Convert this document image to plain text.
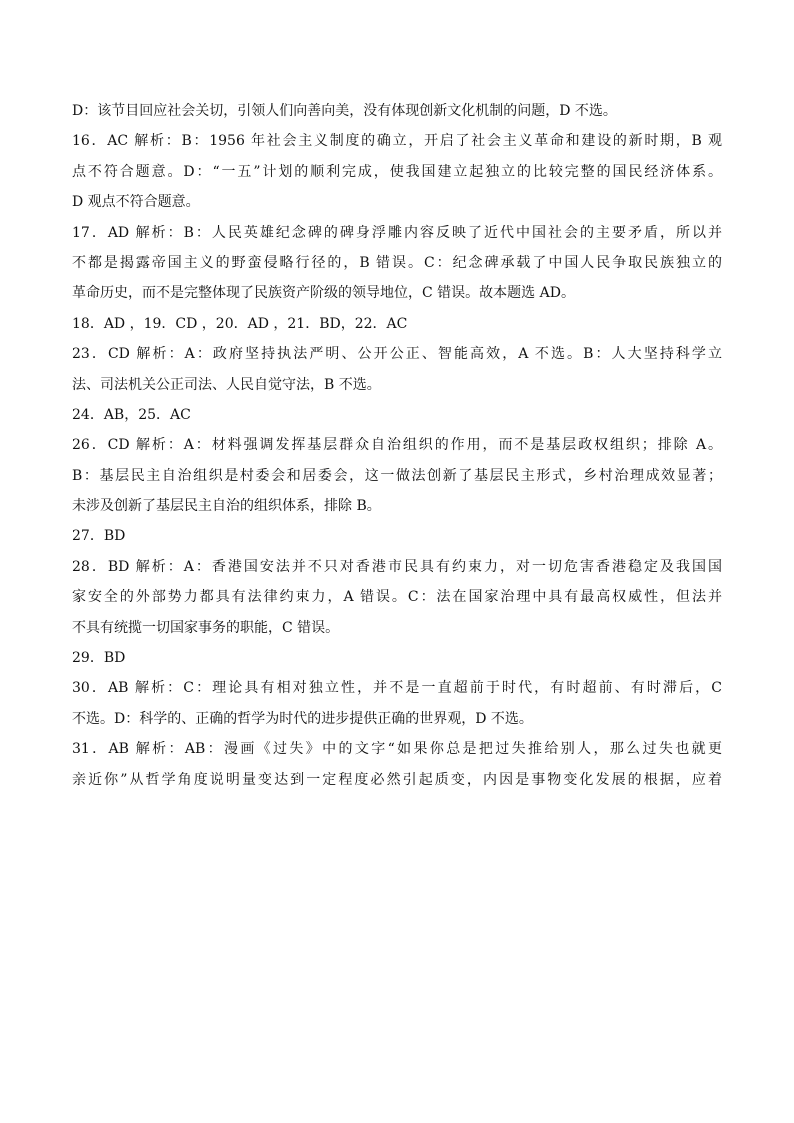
D：该节目回应社会关切，引领人们向善向美，没有体现创新文化机制的问题，D 不选。
16．AC 解析：B：1956 年社会主义制度的确立，开启了社会主义革命和建设的新时期，B 观
点不符合题意。D：“一五”计划的顺利完成，使我国建立起独立的比较完整的国民经济体系。
D 观点不符合题意。
17．AD 解析：B：人民英雄纪念碑的碑身浮雕内容反映了近代中国社会的主要矛盾，所以并
不都是揭露帝国主义的野蛮侵略行径的，B 错误。C：纪念碑承载了中国人民争取民族独立的
革命历史，而不是完整体现了民族资产阶级的领导地位，C 错误。故本题选 AD。
18．AD ，19．CD ，20．AD ，21．BD，22．AC
23．CD 解析：A：政府坚持执法严明、公开公正、智能高效，A 不选。B：人大坚持科学立
法、司法机关公正司法、人民自觉守法，B 不选。
24．AB，25．AC
26．CD 解析：A：材料强调发挥基层群众自治组织的作用，而不是基层政权组织；排除 A。
B：基层民主自治组织是村委会和居委会，这一做法创新了基层民主形式，乡村治理成效显著；
未涉及创新了基层民主自治的组织体系，排除 B。
27．BD
28．BD 解析：A：香港国安法并不只对香港市民具有约束力，对一切危害香港稳定及我国国
家安全的外部势力都具有法律约束力，A 错误。C：法在国家治理中具有最高权威性，但法并
不具有统揽一切国家事务的职能，C 错误。
29．BD
30．AB 解析：C：理论具有相对独立性，并不是一直超前于时代，有时超前、有时滞后，C
不选。D：科学的、正确的哲学为时代的进步提供正确的世界观，D 不选。
31．AB 解析：AB：漫画《过失》中的文字“如果你总是把过失推给别人，那么过失也就更
亲近你”从哲学角度说明量变达到一定程度必然引起质变，内因是事物变化发展的根据，应着
